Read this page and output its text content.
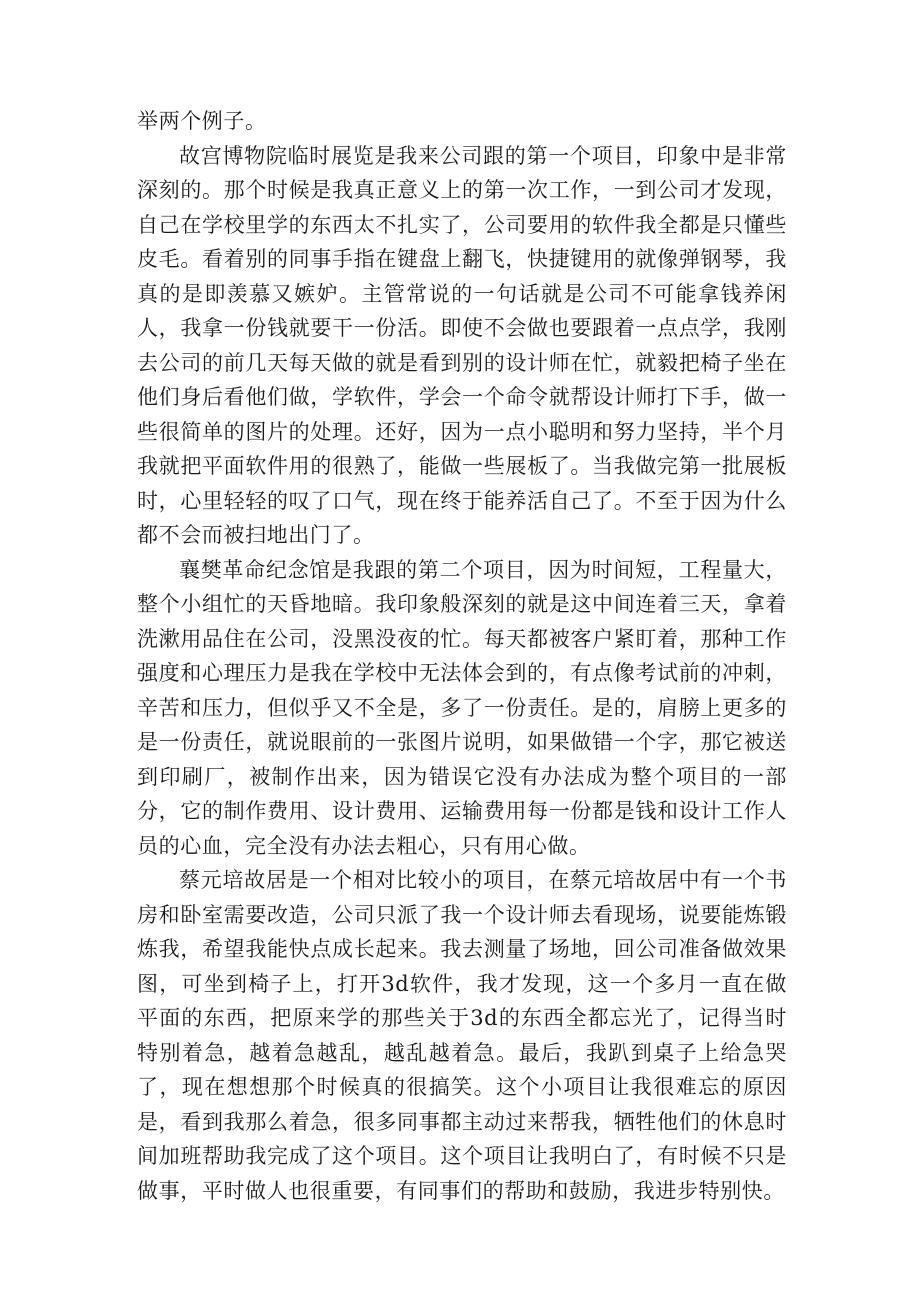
举两个例子。

故宫博物院临时展览是我来公司跟的第一个项目，印象中是非常深刻的。那个时候是我真正意义上的第一次工作，一到公司才发现，自己在学校里学的东西太不扎实了，公司要用的软件我全都是只懂些皮毛。看着别的同事手指在键盘上翻飞，快捷键用的就像弹钢琴，我真的是即羡慕又嫉妒。主管常说的一句话就是公司不可能拿钱养闲人，我拿一份钱就要干一份活。即使不会做也要跟着一点点学，我刚去公司的前几天每天做的就是看到别的设计师在忙，就毅把椅子坐在他们身后看他们做，学软件，学会一个命令就帮设计师打下手，做一些很简单的图片的处理。还好，因为一点小聪明和努力坚持，半个月我就把平面软件用的很熟了，能做一些展板了。当我做完第一批展板时，心里轻轻的叹了口气，现在终于能养活自己了。不至于因为什么都不会而被扫地出门了。

襄樊革命纪念馆是我跟的第二个项目，因为时间短，工程量大，整个小组忙的天昏地暗。我印象般深刻的就是这中间连着三天，拿着洗漱用品住在公司，没黑没夜的忙。每天都被客户紧盯着，那种工作强度和心理压力是我在学校中无法体会到的，有点像考试前的冲刺，辛苦和压力，但似乎又不全是，多了一份责任。是的，肩膀上更多的是一份责任，就说眼前的一张图片说明，如果做错一个字，那它被送到印刷厂，被制作出来，因为错误它没有办法成为整个项目的一部分，它的制作费用、设计费用、运输费用每一份都是钱和设计工作人员的心血，完全没有办法去粗心，只有用心做。

蔡元培故居是一个相对比较小的项目，在蔡元培故居中有一个书房和卧室需要改造，公司只派了我一个设计师去看现场，说要能炼锻炼我，希望我能快点成长起来。我去测量了场地，回公司准备做效果图，可坐到椅子上，打开3d软件，我才发现，这一个多月一直在做平面的东西，把原来学的那些关于3d的东西全都忘光了，记得当时特别着急，越着急越乱，越乱越着急。最后，我趴到桌子上给急哭了，现在想想那个时候真的很搞笑。这个小项目让我很难忘的原因是，看到我那么着急，很多同事都主动过来帮我，牺牲他们的休息时间加班帮助我完成了这个项目。这个项目让我明白了，有时候不只是做事，平时做人也很重要，有同事们的帮助和鼓励，我进步特别快。
